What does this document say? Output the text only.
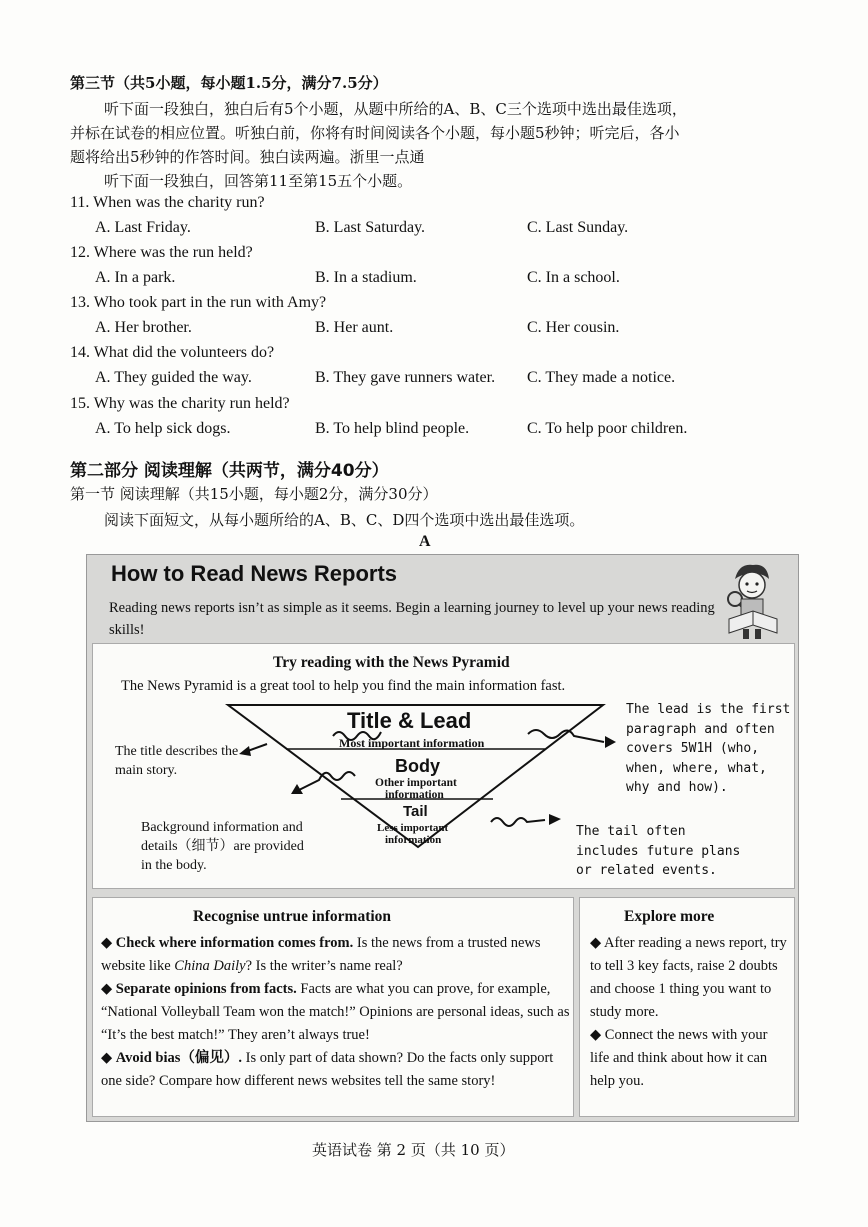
第三节（共5小题，每小题1.5分，满分7.5分）
听下面一段独白，独白后有5个小题，从题中所给的A、B、C三个选项中选出最佳选项，
并标在试卷的相应位置。听独白前，你将有时间阅读各个小题，每小题5秒钟；听完后，各小
题将给出5秒钟的作答时间。独白读两遍。浙里一点通
听下面一段独白，回答第11至第15五个小题。
11. When was the charity run?
A. Last Friday.	B. Last Saturday.	C. Last Sunday.
12. Where was the run held?
A. In a park.	B. In a stadium.	C. In a school.
13. Who took part in the run with Amy?
A. Her brother.	B. Her aunt.	C. Her cousin.
14. What did the volunteers do?
A. They guided the way.	B. They gave runners water. C. They made a notice.
15. Why was the charity run held?
A. To help sick dogs.	B. To help blind people.	C. To help poor children.
第二部分 阅读理解（共两节，满分40分）
第一节 阅读理解（共15小题，每小题2分，满分30分）
阅读下面短文，从每小题所给的A、B、C、D四个选项中选出最佳选项。
A
How to Read News Reports
Reading news reports isn’t as simple as it seems. Begin a learning journey to level up your news reading skills!
Try reading with the News Pyramid
The News Pyramid is a great tool to help you find the main information fast.
Title & Lead
Most important information
Body
Other important
information
Tail
Less important
information
The title describes the main story.
Background information and details（细节）are provided in the body.
The lead is the first paragraph and often covers 5W1H (who, when, where, what, why and how).
The tail often includes future plans or related events.
Recognise untrue information
◆ Check where information comes from. Is the news from a trusted news website like China Daily? Is the writer’s name real?
◆ Separate opinions from facts. Facts are what you can prove, for example, “National Volleyball Team won the match!” Opinions are personal ideas, such as “It’s the best match!” They aren’t always true!
◆ Avoid bias（偏见）. Is only part of data shown? Do the facts only support one side? Compare how different news websites tell the same story!
Explore more
◆ After reading a news report, try to tell 3 key facts, raise 2 doubts and choose 1 thing you want to study more.
◆ Connect the news with your life and think about how it can help you.
英语试卷 第 2 页（共 10 页）
